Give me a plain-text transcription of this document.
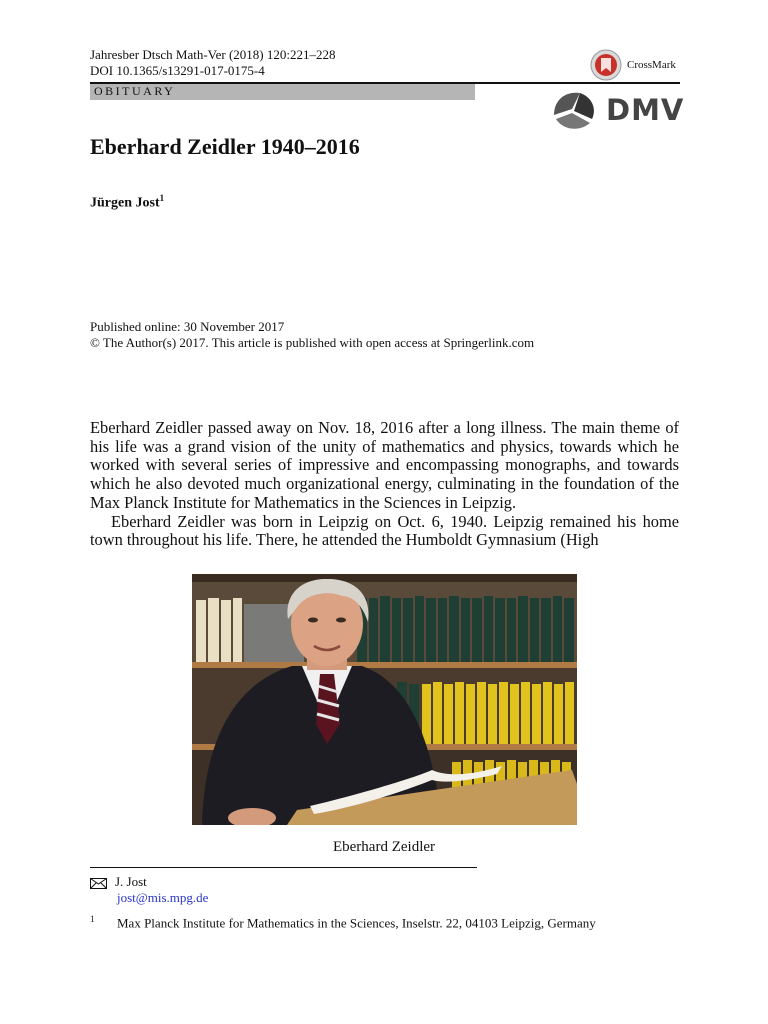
Jahresber Dtsch Math-Ver (2018) 120:221–228
DOI 10.1365/s13291-017-0175-4	CrossMark
OBITUARY
DMV
Eberhard Zeidler 1940–2016
Jürgen Jost$^1$
Published online: 30 November 2017
© The Author(s) 2017. This article is published with open access at Springerlink.com

Eberhard Zeidler passed away on Nov. 18, 2016 after a long illness. The main theme of his life was a grand vision of the unity of mathematics and physics, towards which he worked with several series of impressive and encompassing monographs, and towards which he also devoted much organizational energy, culminating in the foundation of the Max Planck Institute for Mathematics in the Sciences in Leipzig.

Eberhard Zeidler was born in Leipzig on Oct. 6, 1940. Leipzig remained his home town throughout his life. There, he attended the Humboldt Gymnasium (High

Eberhard Zeidler
J. Jost
jost@mis.mpg.de
1 Max Planck Institute for Mathematics in the Sciences, Inselstr. 22, 04103 Leipzig, Germany
